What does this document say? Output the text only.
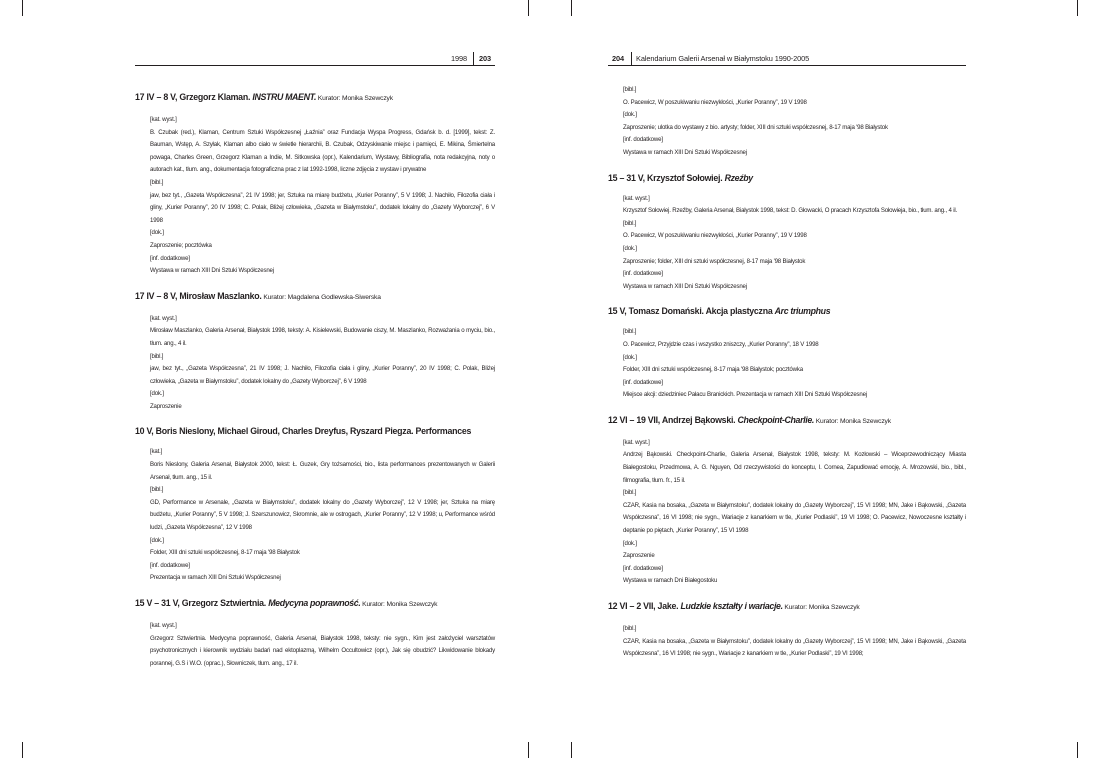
1998 203
17 IV – 8 V, Grzegorz Klaman. INSTRU MAENT. Kurator: Monika Szewczyk

[kat. wyst.]

B. Czubak (red.), Klaman, Centrum Sztuki Współczesnej „Łaźnia” oraz Fundacja Wyspa Progress, Gdańsk b. d. [1999], tekst: Z. Bauman, Wstęp, A. Szyłak, Klaman albo ciało w świetle hierarchii, B. Czubak, Odzyskiwanie miejsc i pamięci, E. Mikina, Śmiertelna powaga, Charles Green, Grzegorz Klaman a Indie, M. Sitkowska (opr.), Kalendarium, Wystawy, Bibliografia, nota redakcyjna, noty o autorach kat., tłum. ang., dokumentacja fotograficzna prac z lat 1992-1998, liczne zdjęcia z wystaw i prywatne

[bibl.]

jaw, bez tyt., „Gazeta Współczesna”, 21 IV 1998; jer, Sztuka na miarę budżetu, „Kurier Poranny”, 5 V 1998; J. Nachiło, Filozofia ciała i gliny, „Kurier Poranny”, 20 IV 1998; C. Polak, Bliżej człowieka, „Gazeta w Białymstoku”, dodatek lokalny do „Gazety Wyborczej”, 6 V 1998

[dok.]

Zaproszenie; pocztówka

[inf. dodatkowe]

Wystawa w ramach XIII Dni Sztuki Współczesnej

17 IV – 8 V, Mirosław Maszlanko. Kurator: Magdalena Godlewska-Siwerska

[kat. wyst.]

Mirosław Maszlanko, Galeria Arsenał, Białystok 1998, teksty: A. Kisielewski, Budowanie ciszy, M. Maszlanko, Rozważania o myciu, bio., tłum. ang., 4 il.

[bibl.]

jaw, bez tyt., „Gazeta Współczesna”, 21 IV 1998; J. Nachiło, Filozofia ciała i gliny, „Kurier Poranny”, 20 IV 1998; C. Polak, Bliżej człowieka, „Gazeta w Białymstoku”, dodatek lokalny do „Gazety Wyborczej”, 6 V 1998

[dok.]

Zaproszenie

10 V, Boris Nieslony, Michael Giroud, Charles Dreyfus, Ryszard Piegza. Performances

[kat.]

Boris Nieslony, Galeria Arsenał, Białystok 2000, tekst: Ł. Guzek, Gry tożsamości, bio., lista performances prezentowanych w Galerii Arsenał, tłum. ang., 15 il.

[bibl.]

GD, Performance w Arsenale, „Gazeta w Białymstoku”, dodatek lokalny do „Gazety Wyborczej”, 12 V 1998; jer, Sztuka na miarę budżetu, „Kurier Poranny”, 5 V 1998; J. Szerszunowicz, Skromnie, ale w ostrogach, „Kurier Poranny”, 12 V 1998; u, Performance wśród ludzi, „Gazeta Współczesna”, 12 V 1998

[dok.]

Folder, XIII dni sztuki współczesnej, 8-17 maja '98 Białystok

[inf. dodatkowe]

Prezentacja w ramach XIII Dni Sztuki Współczesnej

15 V – 31 V, Grzegorz Sztwiertnia. Medycyna poprawność. Kurator: Monika Szewczyk

[kat. wyst.]

Grzegorz Sztwiertnia. Medycyna poprawność, Galeria Arsenał, Białystok 1998, teksty: nie sygn., Kim jest założyciel warsztatów psychotronicznych i kierownik wydziału badań nad ektoplazmą, Wilhelm Occultowicz (opr.), Jak się obudzić? Likwidowanie blokady porannej, G.S i W.O. (oprac.), Słowniczek, tłum. ang., 17 il.

204 Kalendarium Galerii Arsenał w Białymstoku 1990-2005

[bibl.]

O. Pacewicz, W poszukiwaniu niezwykłości, „Kurier Poranny”, 19 V 1998

[dok.]

Zaproszenie; ulotka do wystawy z bio. artysty; folder, XIII dni sztuki współczesnej, 8-17 maja '98 Białystok

[inf. dodatkowe]

Wystawa w ramach XIII Dni Sztuki Współczesnej

15 – 31 V, Krzysztof Sołowiej. Rzeźby

[kat. wyst.]

Krzysztof Sołowiej. Rzeźby, Galeria Arsenał, Białystok 1998, tekst: D. Głowacki, O pracach Krzysztofa Sołowieja, bio., tłum. ang., 4 il.

[bibl.]

O. Pacewicz, W poszukiwaniu niezwykłości, „Kurier Poranny”, 19 V 1998

[dok.]

Zaproszenie; folder, XIII dni sztuki współczesnej, 8-17 maja '98 Białystok

[inf. dodatkowe]

Wystawa w ramach XIII Dni Sztuki Współczesnej

15 V, Tomasz Domański. Akcja plastyczna Arc triumphus

[bibl.]

O. Pacewicz, Przyjdzie czas i wszystko zniszczy, „Kurier Poranny”, 18 V 1998

[dok.]

Folder, XIII dni sztuki współczesnej, 8-17 maja '98 Białystok; pocztówka

[inf. dodatkowe]

Miejsce akcji: dziedziniec Pałacu Branickich. Prezentacja w ramach XIII Dni Sztuki Współczesnej

12 VI – 19 VII, Andrzej Bąkowski. Checkpoint-Charlie. Kurator: Monika Szewczyk

[kat. wyst.]

Andrzej Bąkowski. Checkpoint-Charlie, Galeria Arsenał, Białystok 1998, teksty: M. Kozłowski – Wiceprzewodniczący Miasta Białegostoku, Przedmowa, A. G. Nguyen, Od rzeczywistości do konceptu, I. Cornea, Zapudłować emocję, A. Mrozowski, bio., bibl., filmografia, tłum. fr., 15 il.

[bibl.]

CZAR, Kasia na bosaka, „Gazeta w Białymstoku”, dodatek lokalny do „Gazety Wyborczej”, 15 VI 1998; MN, Jake i Bąkowski, „Gazeta Współczesna”, 16 VI 1998; nie sygn., Wariacje z kanarkiem w tle, „Kurier Podlaski”, 19 VI 1998; O. Pacewicz, Nowoczesne kształty i deptanie po piętach, „Kurier Poranny”, 15 VI 1998

[dok.]

Zaproszenie

[inf. dodatkowe]

Wystawa w ramach Dni Białegostoku

12 VI – 2 VII, Jake. Ludzkie kształty i wariacje. Kurator: Monika Szewczyk

[bibl.]

CZAR, Kasia na bosaka, „Gazeta w Białymstoku”, dodatek lokalny do „Gazety Wyborczej”, 15 VI 1998; MN, Jake i Bąkowski, „Gazeta Współczesna”, 16 VI 1998; nie sygn., Wariacje z kanarkiem w tle, „Kurier Podlaski”, 19 VI 1998;
